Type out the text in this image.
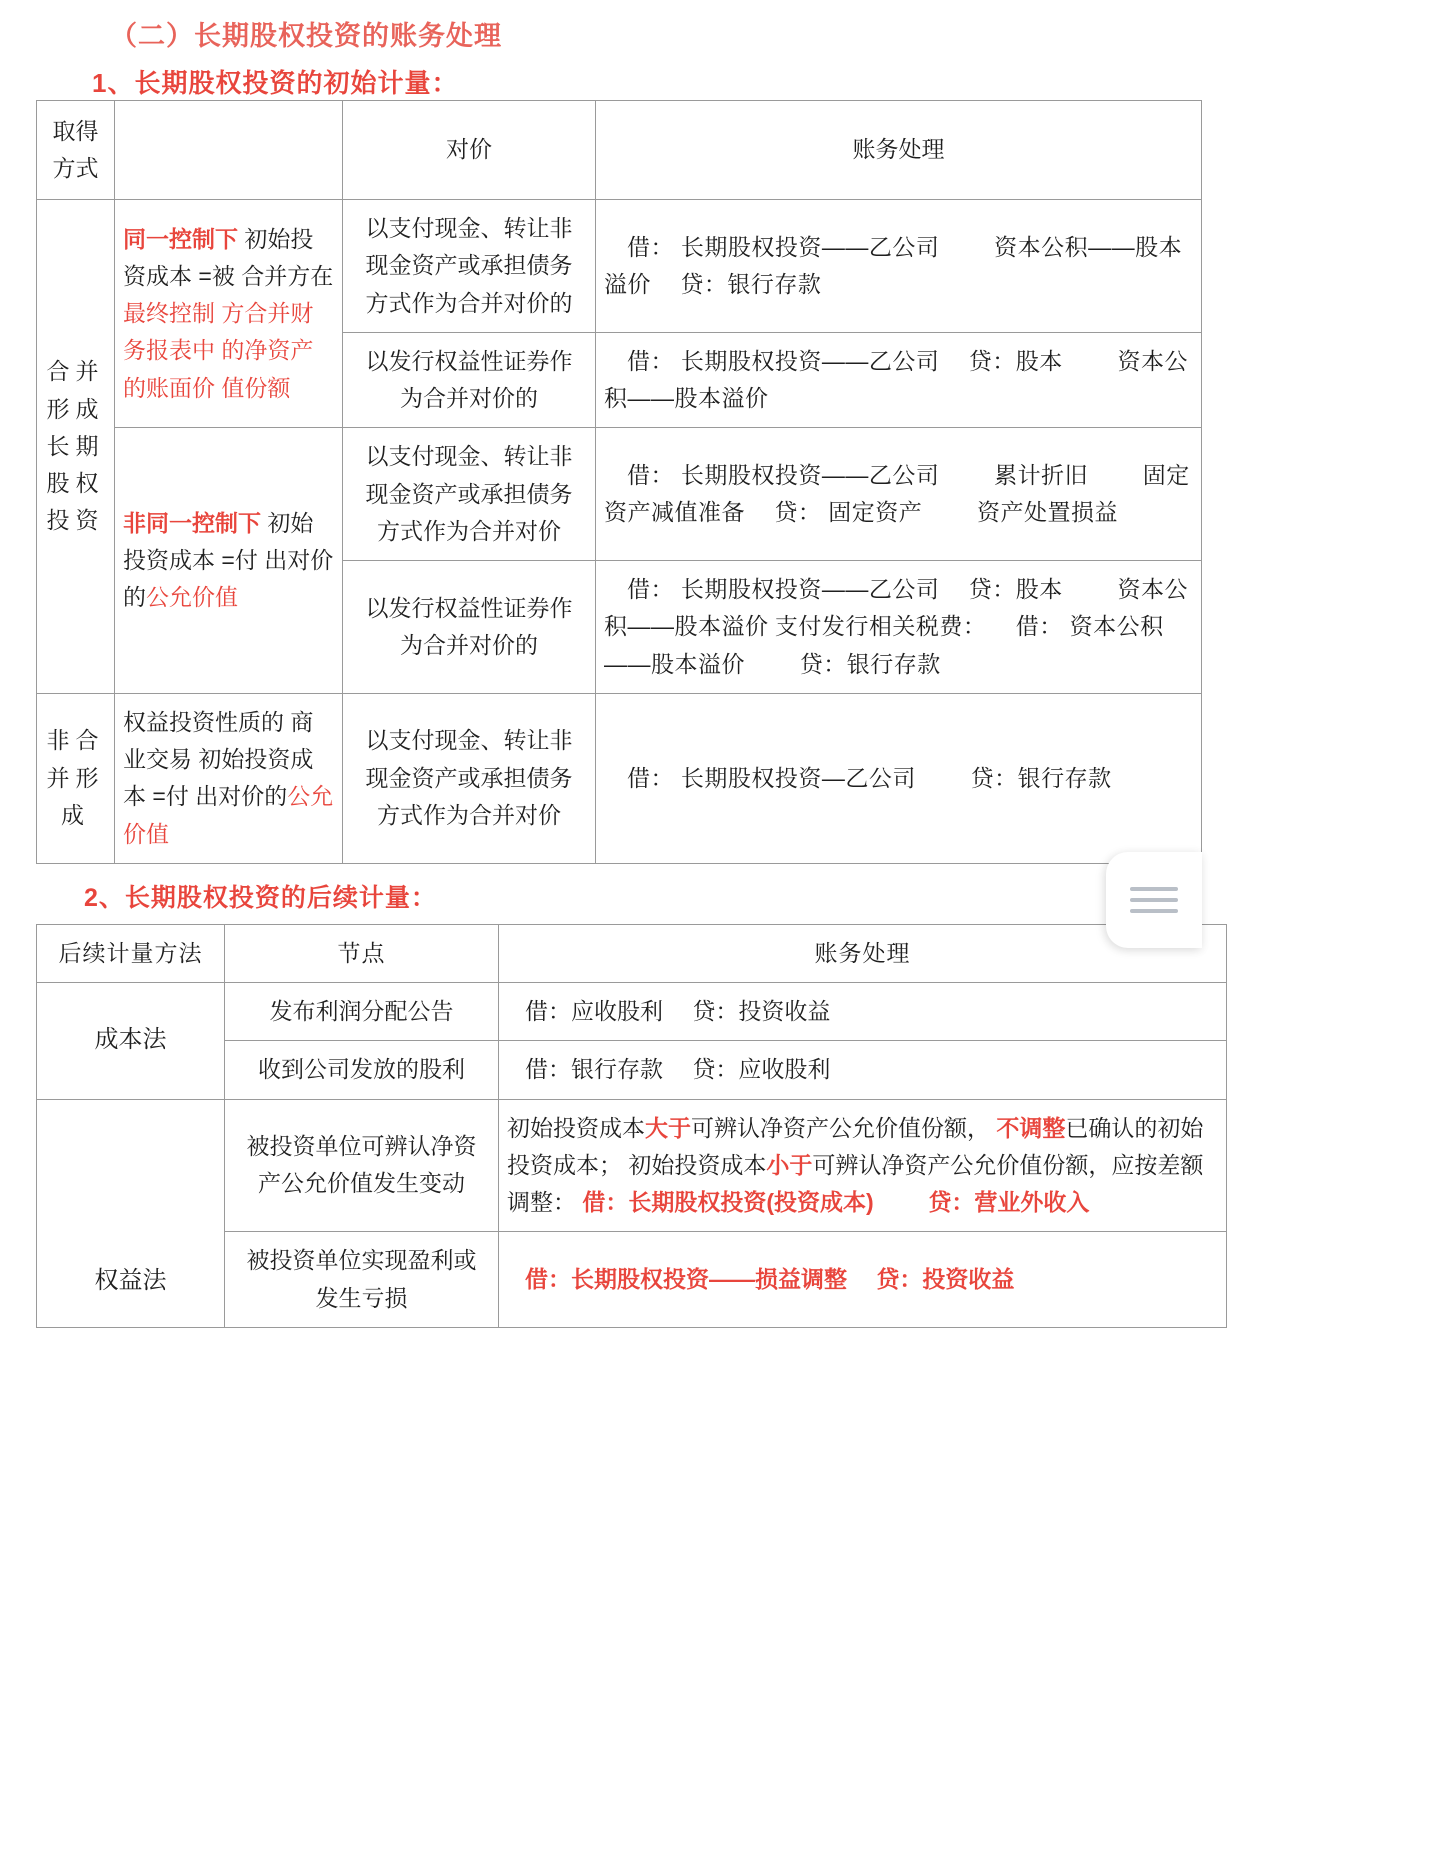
（二）长期股权投资的账务处理
1、长期股权投资的初始计量：
取得 方式		对价	账务处理

合并
形成
长期
股权
投资	同一控制下 初始投资成本 =被 合并方在最终控制 方合并财务报表中 的净资产的账面价 值份额	以支付现金、转让非 现金资产或承担债务 方式作为合并对价的	借： 长期股权投资——乙公司 资本公积——股本溢价 贷：银行存款
		以发行权益性证券作 为合并对价的	借： 长期股权投资——乙公司 贷：股本 资本公积——股本溢价
	非同一控制下 初始投资成本 =付 出对价的公允价值	以支付现金、转让非 现金资产或承担债务 方式作为合并对价	借： 长期股权投资——乙公司 累计折旧 固定资产减值准备 贷： 固定资产 资产处置损益
		以发行权益性证券作 为合并对价的	借： 长期股权投资——乙公司 贷：股本 资本公积——股本溢价 支付发行相关税费： 借： 资本公积——股本溢价 贷：银行存款

非合
并形
成	权益投资性质的 商业交易 初始投资成本 =付 出对价的公允价值	以支付现金、转让非 现金资产或承担债务 方式作为合并对价	借： 长期股权投资—乙公司 贷：银行存款
2、长期股权投资的后续计量：
后续计量方法	节点	账务处理
成本法	发布利润分配公告	借：应收股利 贷：投资收益
	收到公司发放的股利	借：银行存款 贷：应收股利
权益法	被投资单位可辨认净资 产公允价值发生变动	初始投资成本大于可辨认净资产公允价值份额， 不调整已确认的初始投资成本； 初始投资成本小于可辨认净资产公允价值份额，应按差额调整： 借：长期股权投资(投资成本) 贷：营业外收入
	被投资单位实现盈利或 发生亏损	借：长期股权投资——损益调整 贷：投资收益
